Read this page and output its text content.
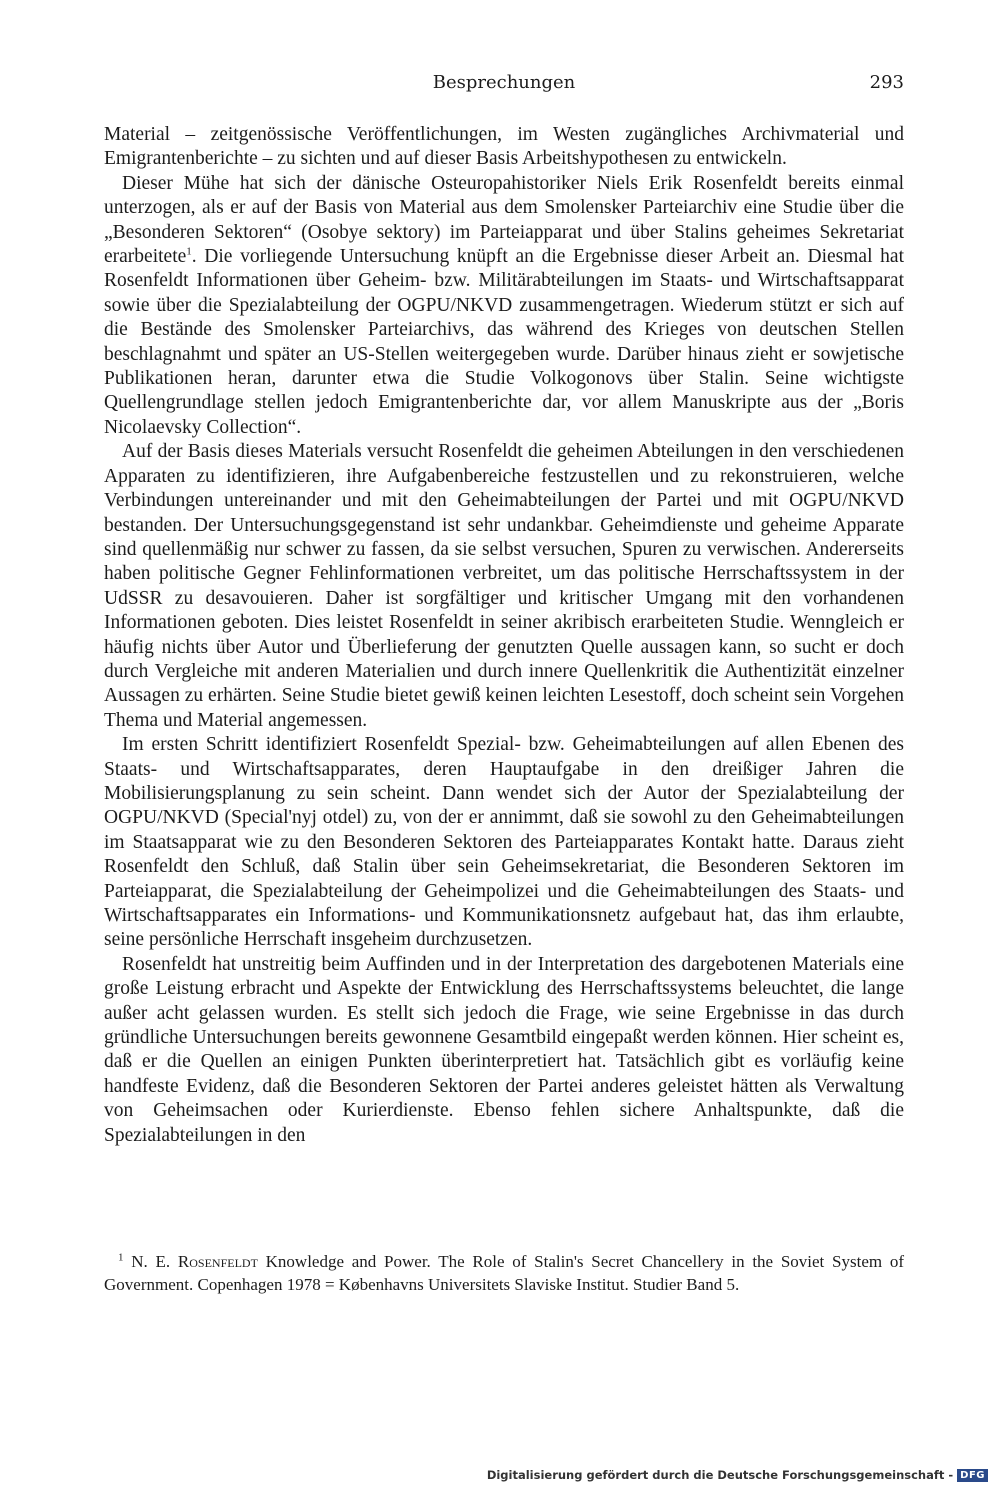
Besprechungen	293

Material – zeitgenössische Veröffentlichungen, im Westen zugängliches Archivmaterial und Emigrantenberichte – zu sichten und auf dieser Basis Arbeitshypothesen zu entwickeln.

Dieser Mühe hat sich der dänische Osteuropahistoriker Niels Erik Rosenfeldt bereits einmal unterzogen, als er auf der Basis von Material aus dem Smolensker Parteiarchiv eine Studie über die „Besonderen Sektoren“ (Osobye sektory) im Parteiapparat und über Stalins geheimes Sekretariat erarbeitete$^1$. Die vorliegende Untersuchung knüpft an die Ergebnisse dieser Arbeit an. Diesmal hat Rosenfeldt Informationen über Geheim- bzw. Militärabteilungen im Staats- und Wirtschaftsapparat sowie über die Spezialabteilung der OGPU/NKVD zusammengetragen. Wiederum stützt er sich auf die Bestände des Smolensker Parteiarchivs, das während des Krieges von deutschen Stellen beschlagnahmt und später an US-Stellen weitergegeben wurde. Darüber hinaus zieht er sowjetische Publikationen heran, darunter etwa die Studie Volkogonovs über Stalin. Seine wichtigste Quellengrundlage stellen jedoch Emigrantenberichte dar, vor allem Manuskripte aus der „Boris Nicolaevsky Collection“.

Auf der Basis dieses Materials versucht Rosenfeldt die geheimen Abteilungen in den verschiedenen Apparaten zu identifizieren, ihre Aufgabenbereiche festzustellen und zu rekonstruieren, welche Verbindungen untereinander und mit den Geheimabteilungen der Partei und mit OGPU/NKVD bestanden. Der Untersuchungsgegenstand ist sehr undankbar. Geheimdienste und geheime Apparate sind quellenmäßig nur schwer zu fassen, da sie selbst versuchen, Spuren zu verwischen. Andererseits haben politische Gegner Fehlinformationen verbreitet, um das politische Herrschaftssystem in der UdSSR zu desavouieren. Daher ist sorgfältiger und kritischer Umgang mit den vorhandenen Informationen geboten. Dies leistet Rosenfeldt in seiner akribisch erarbeiteten Studie. Wenngleich er häufig nichts über Autor und Überlieferung der genutzten Quelle aussagen kann, so sucht er doch durch Vergleiche mit anderen Materialien und durch innere Quellenkritik die Authentizität einzelner Aussagen zu erhärten. Seine Studie bietet gewiß keinen leichten Lesestoff, doch scheint sein Vorgehen Thema und Material angemessen.

Im ersten Schritt identifiziert Rosenfeldt Spezial- bzw. Geheimabteilungen auf allen Ebenen des Staats- und Wirtschaftsapparates, deren Hauptaufgabe in den dreißiger Jahren die Mobilisierungsplanung zu sein scheint. Dann wendet sich der Autor der Spezialabteilung der OGPU/NKVD (Special'nyj otdel) zu, von der er annimmt, daß sie sowohl zu den Geheimabteilungen im Staatsapparat wie zu den Besonderen Sektoren des Parteiapparates Kontakt hatte. Daraus zieht Rosenfeldt den Schluß, daß Stalin über sein Geheimsekretariat, die Besonderen Sektoren im Parteiapparat, die Spezialabteilung der Geheimpolizei und die Geheimabteilungen des Staats- und Wirtschaftsapparates ein Informations- und Kommunikationsnetz aufgebaut hat, das ihm erlaubte, seine persönliche Herrschaft insgeheim durchzusetzen.

Rosenfeldt hat unstreitig beim Auffinden und in der Interpretation des dargebotenen Materials eine große Leistung erbracht und Aspekte der Entwicklung des Herrschaftssystems beleuchtet, die lange außer acht gelassen wurden. Es stellt sich jedoch die Frage, wie seine Ergebnisse in das durch gründliche Untersuchungen bereits gewonnene Gesamtbild eingepaßt werden können. Hier scheint es, daß er die Quellen an einigen Punkten überinterpretiert hat. Tatsächlich gibt es vorläufig keine handfeste Evidenz, daß die Besonderen Sektoren der Partei anderes geleistet hätten als Verwaltung von Geheimsachen oder Kurierdienste. Ebenso fehlen sichere Anhaltspunkte, daß die Spezialabteilungen in den

$^1$ N. E. Rosenfeldt Knowledge and Power. The Role of Stalin's Secret Chancellery in the Soviet System of Government. Copenhagen 1978 = Københavns Universitets Slaviske Institut. Studier Band 5.
Digitalisierung gefördert durch die Deutsche Forschungsgemeinschaft - DFG
